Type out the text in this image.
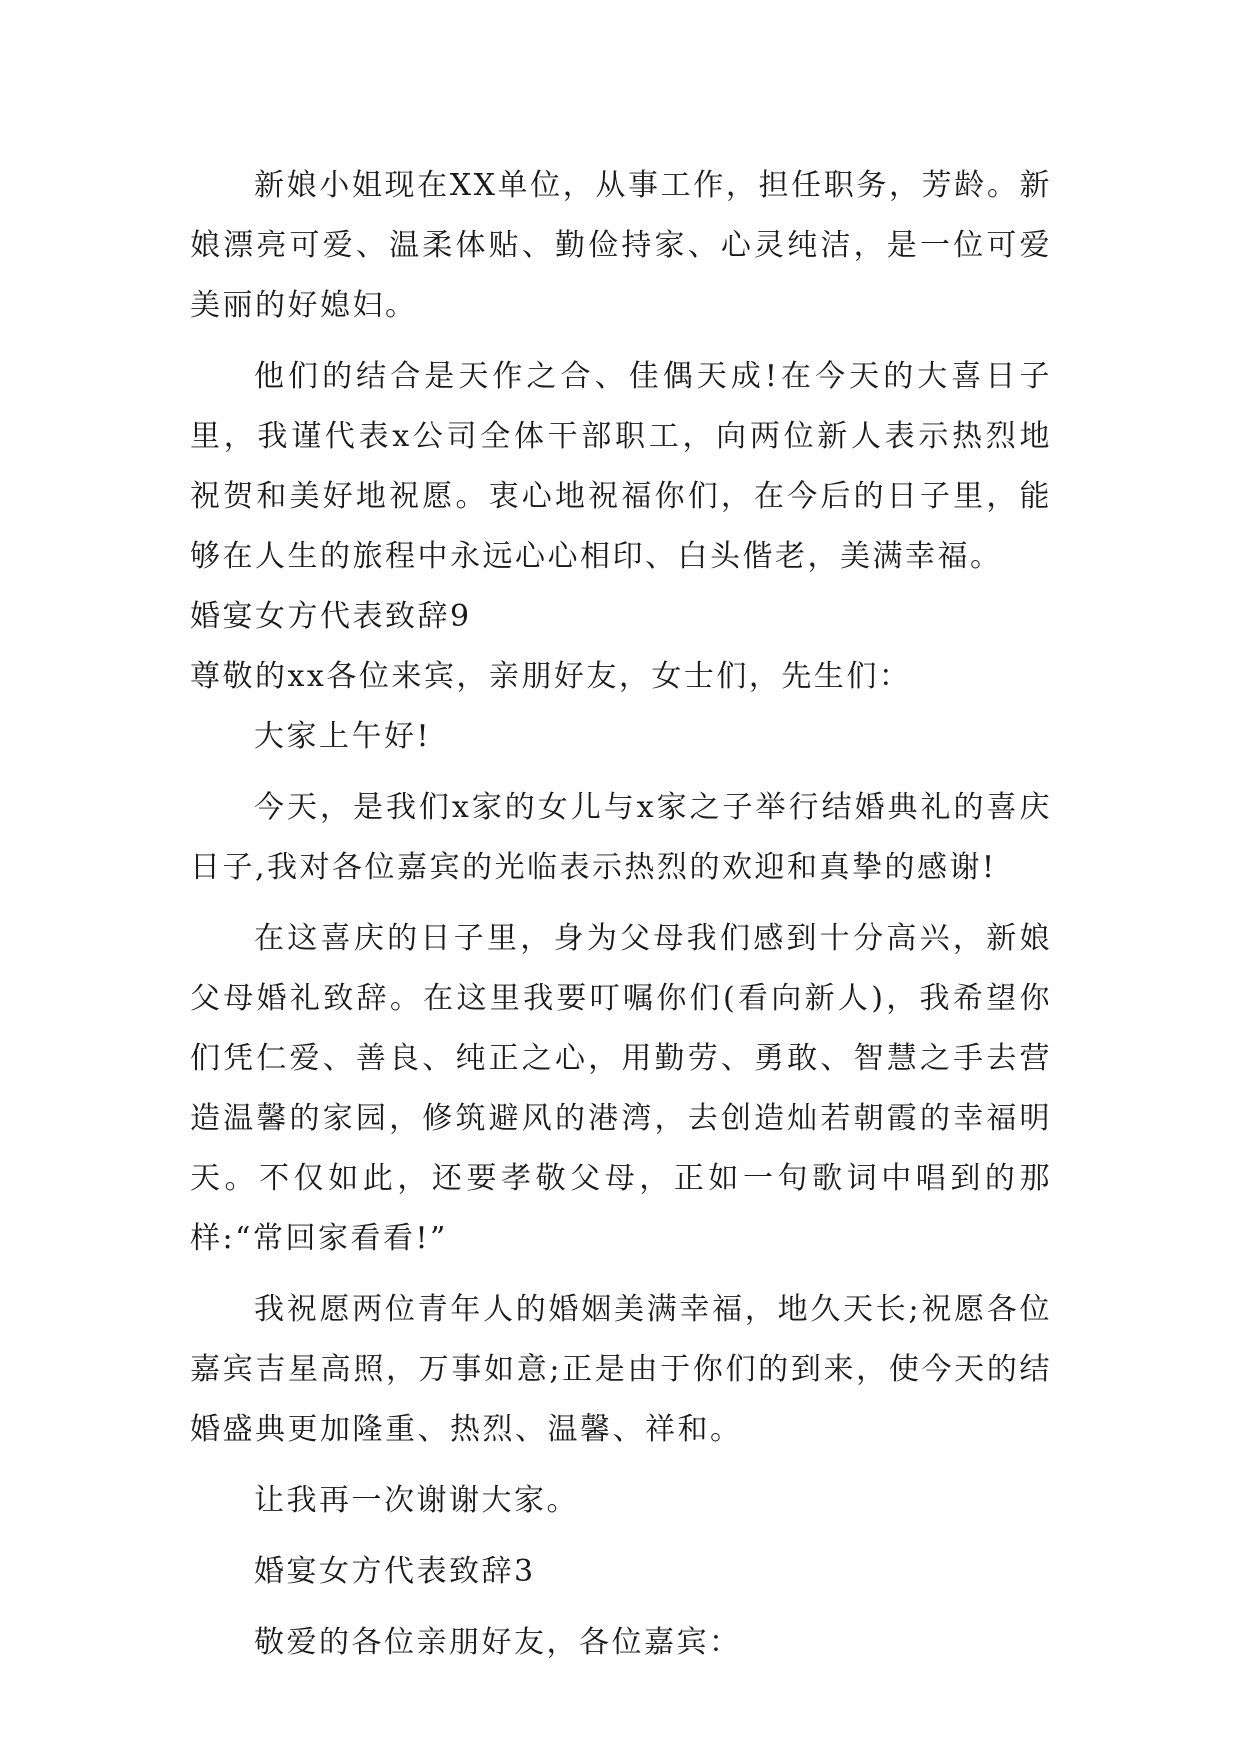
新娘小姐现在XX单位，从事工作，担任职务，芳龄。新娘漂亮可爱、温柔体贴、勤俭持家、心灵纯洁，是一位可爱美丽的好媳妇。

他们的结合是天作之合、佳偶天成!在今天的大喜日子里，我谨代表x公司全体干部职工，向两位新人表示热烈地祝贺和美好地祝愿。衷心地祝福你们，在今后的日子里，能够在人生的旅程中永远心心相印、白头偕老，美满幸福。

婚宴女方代表致辞9

尊敬的xx各位来宾，亲朋好友，女士们，先生们：

大家上午好!

今天，是我们x家的女儿与x家之子举行结婚典礼的喜庆日子,我对各位嘉宾的光临表示热烈的欢迎和真挚的感谢!

在这喜庆的日子里，身为父母我们感到十分高兴，新娘父母婚礼致辞。在这里我要叮嘱你们(看向新人)，我希望你们凭仁爱、善良、纯正之心，用勤劳、勇敢、智慧之手去营造温馨的家园，修筑避风的港湾，去创造灿若朝霞的幸福明天。不仅如此，还要孝敬父母，正如一句歌词中唱到的那样:“常回家看看!”

我祝愿两位青年人的婚姻美满幸福，地久天长;祝愿各位嘉宾吉星高照，万事如意;正是由于你们的到来，使今天的结婚盛典更加隆重、热烈、温馨、祥和。

让我再一次谢谢大家。

婚宴女方代表致辞3

敬爱的各位亲朋好友，各位嘉宾：
